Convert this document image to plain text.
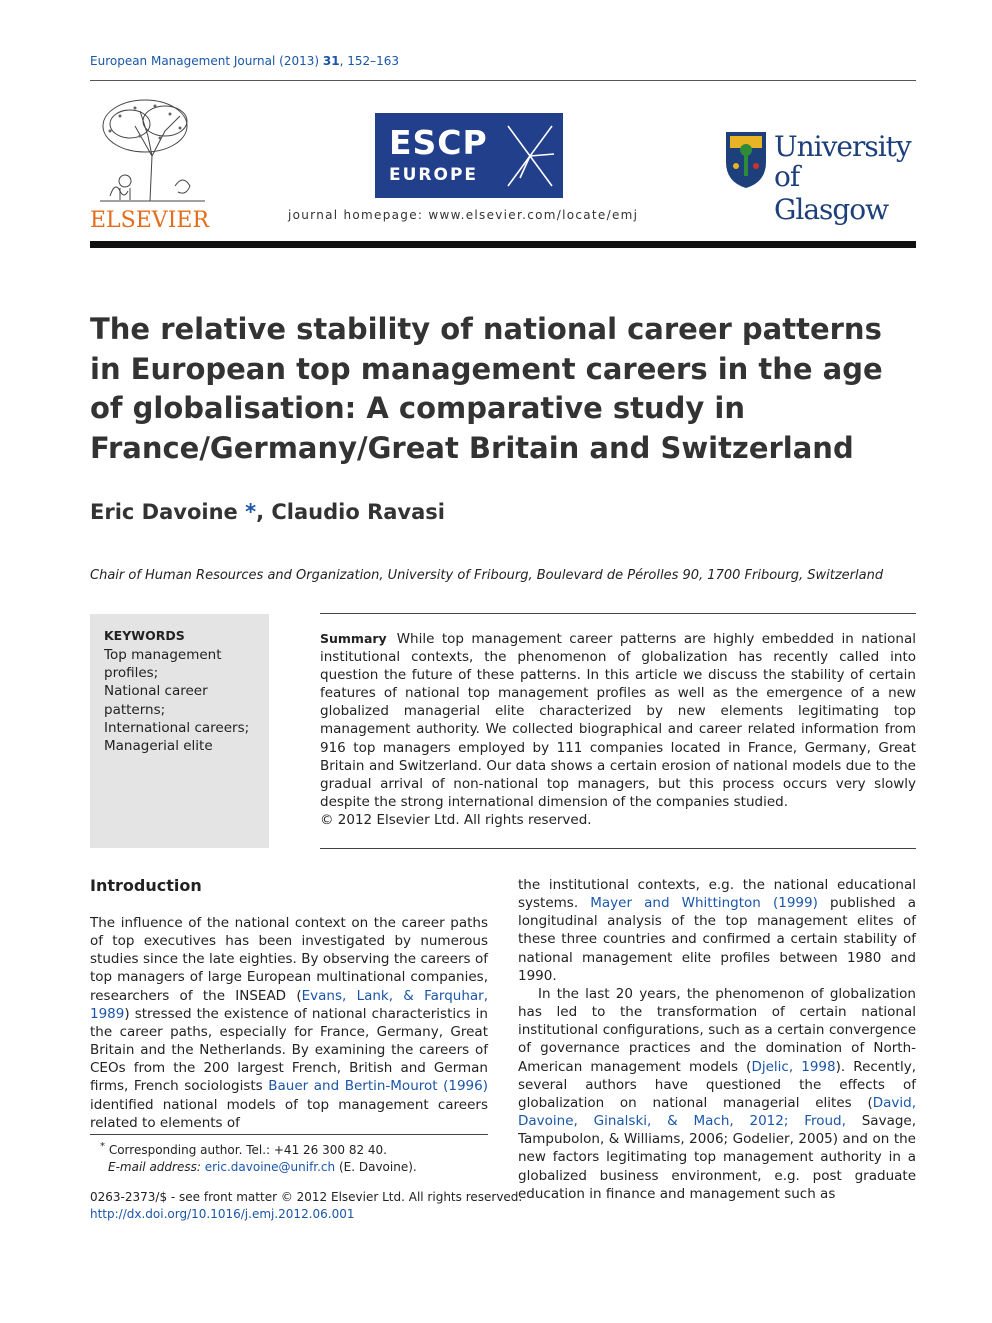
European Management Journal (2013) 31, 152–163
ELSEVIER
ESCP
EUROPE
University
of Glasgow
journal homepage: www.elsevier.com/locate/emj
The relative stability of national career patterns in European top management careers in the age of globalisation: A comparative study in France/Germany/Great Britain and Switzerland
Eric Davoine *, Claudio Ravasi
Chair of Human Resources and Organization, University of Fribourg, Boulevard de Pérolles 90, 1700 Fribourg, Switzerland
KEYWORDS
Top management profiles;
National career patterns;
International careers;
Managerial elite
Summary While top management career patterns are highly embedded in national institutional contexts, the phenomenon of globalization has recently called into question the future of these patterns. In this article we discuss the stability of certain features of national top management profiles as well as the emergence of a new globalized managerial elite characterized by new elements legitimating top management authority. We collected biographical and career related information from 916 top managers employed by 111 companies located in France, Germany, Great Britain and Switzerland. Our data shows a certain erosion of national models due to the gradual arrival of non-national top managers, but this process occurs very slowly despite the strong international dimension of the companies studied.
© 2012 Elsevier Ltd. All rights reserved.
Introduction
The influence of the national context on the career paths of top executives has been investigated by numerous studies since the late eighties. By observing the careers of top managers of large European multinational companies, researchers of the INSEAD (Evans, Lank, & Farquhar, 1989) stressed the existence of national characteristics in the career paths, especially for France, Germany, Great Britain and the Netherlands. By examining the careers of CEOs from the 200 largest French, British and German firms, French sociologists Bauer and Bertin-Mourot (1996) identified national models of top management careers related to elements of
the institutional contexts, e.g. the national educational systems. Mayer and Whittington (1999) published a longitudinal analysis of the top management elites of these three countries and confirmed a certain stability of national management elite profiles between 1980 and 1990.
In the last 20 years, the phenomenon of globalization has led to the transformation of certain national institutional configurations, such as a certain convergence of governance practices and the domination of North-American management models (Djelic, 1998). Recently, several authors have questioned the effects of globalization on national managerial elites (David, Davoine, Ginalski, & Mach, 2012; Froud, Savage, Tampubolon, & Williams, 2006; Godelier, 2005) and on the new factors legitimating top management authority in a globalized business environment, e.g. post graduate education in finance and management such as
* Corresponding author. Tel.: +41 26 300 82 40.
E-mail address: eric.davoine@unifr.ch (E. Davoine).
0263-2373/$ - see front matter © 2012 Elsevier Ltd. All rights reserved.
http://dx.doi.org/10.1016/j.emj.2012.06.001
